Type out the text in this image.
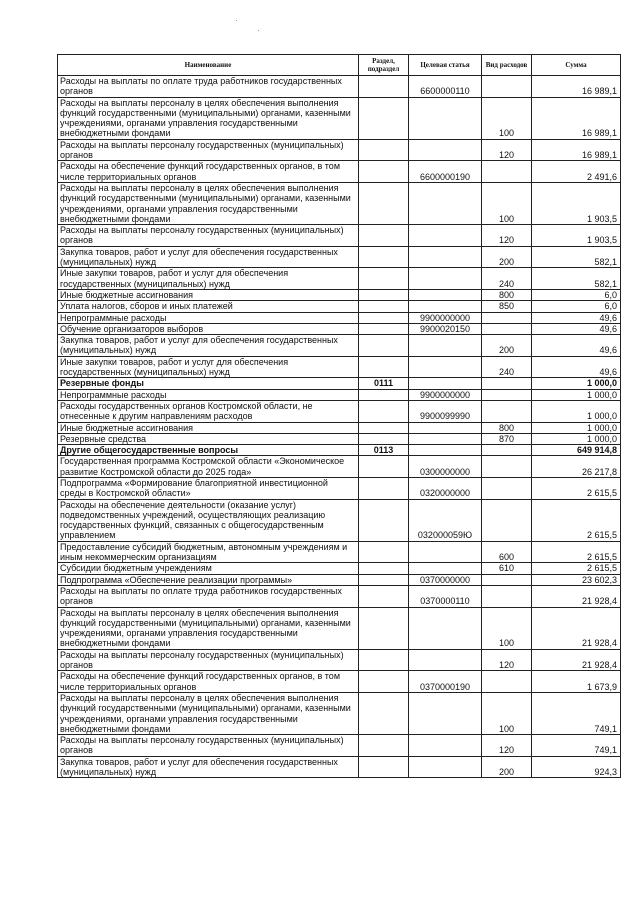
Наименование	Раздел, подраздел	Целевая статья	Вид расходов	Сумма
Расходы на выплаты по оплате труда работников государственных органов		6600000110		16 989,1
Расходы на выплаты персоналу в целях обеспечения выполнения функций государственными (муниципальными) органами, казенными учреждениями, органами управления государственными внебюджетными фондами			100	16 989,1
Расходы на выплаты персоналу государственных (муниципальных) органов			120	16 989,1
Расходы на обеспечение функций государственных органов, в том числе территориальных органов		6600000190		2 491,6
Расходы на выплаты персоналу в целях обеспечения выполнения функций государственными (муниципальными) органами, казенными учреждениями, органами управления государственными внебюджетными фондами			100	1 903,5
Расходы на выплаты персоналу государственных (муниципальных) органов			120	1 903,5
Закупка товаров, работ и услуг для обеспечения государственных (муниципальных) нужд			200	582,1
Иные закупки товаров, работ и услуг для обеспечения государственных (муниципальных) нужд			240	582,1
Иные бюджетные ассигнования			800	6,0
Уплата налогов, сборов и иных платежей			850	6,0
Непрограммные расходы		9900000000		49,6
Обучение организаторов выборов		9900020150		49,6
Закупка товаров, работ и услуг для обеспечения государственных (муниципальных) нужд			200	49,6
Иные закупки товаров, работ и услуг для обеспечения государственных (муниципальных) нужд			240	49,6
Резервные фонды	0111			1 000,0
Непрограммные расходы		9900000000		1 000,0
Расходы государственных органов Костромской области, не отнесенные к другим направлениям расходов		9900099990		1 000,0
Иные бюджетные ассигнования			800	1 000,0
Резервные средства			870	1 000,0
Другие общегосударственные вопросы	0113			649 914,8
Государственная программа Костромской области «Экономическое развитие Костромской области до 2025 года»		0300000000		26 217,8
Подпрограмма «Формирование благоприятной инвестиционной среды в Костромской области»		0320000000		2 615,5
Расходы на обеспечение деятельности (оказание услуг) подведомственных учреждений, осуществляющих реализацию государственных функций, связанных с общегосударственным управлением		032000059Ю		2 615,5
Предоставление субсидий бюджетным, автономным учреждениям и иным некоммерческим организациям			600	2 615,5
Субсидии бюджетным учреждениям			610	2 615,5
Подпрограмма «Обеспечение реализации программы»		0370000000		23 602,3
Расходы на выплаты по оплате труда работников государственных органов		0370000110		21 928,4
Расходы на выплаты персоналу в целях обеспечения выполнения функций государственными (муниципальными) органами, казенными учреждениями, органами управления государственными внебюджетными фондами			100	21 928,4
Расходы на выплаты персоналу государственных (муниципальных) органов			120	21 928,4
Расходы на обеспечение функций государственных органов, в том числе территориальных органов		0370000190		1 673,9
Расходы на выплаты персоналу в целях обеспечения выполнения функций государственными (муниципальными) органами, казенными учреждениями, органами управления государственными внебюджетными фондами			100	749,1
Расходы на выплаты персоналу государственных (муниципальных) органов			120	749,1
Закупка товаров, работ и услуг для обеспечения государственных (муниципальных) нужд			200	924,3
